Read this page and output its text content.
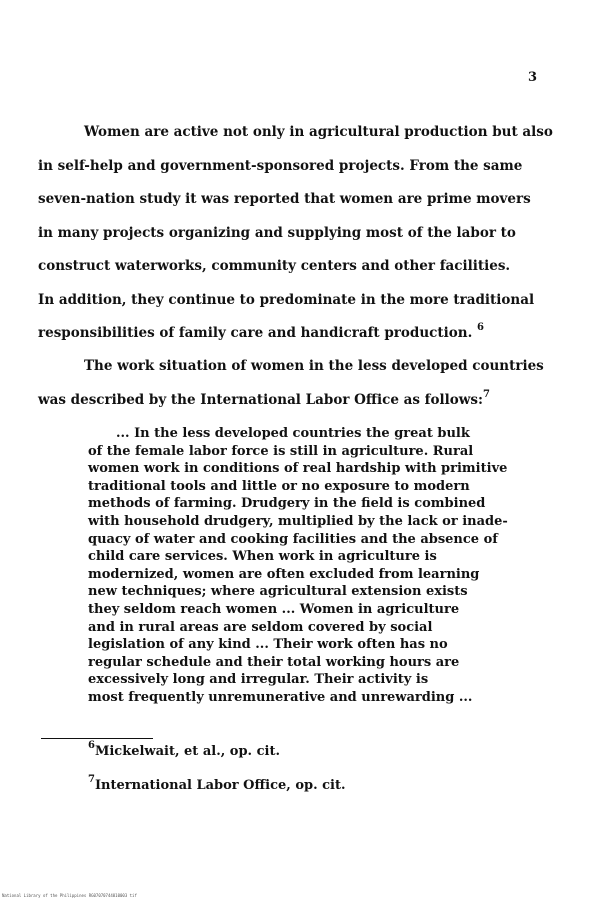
3

Women are active not only in agricultural production but also
in self-help and government-sponsored projects. From the same
seven-nation study it was reported that women are prime movers
in many projects organizing and supplying most of the labor to
construct waterworks, community centers and other facilities.
In addition, they continue to predominate in the more traditional
responsibilities of family care and handicraft production. $^6$

The work situation of women in the less developed countries
was described by the International Labor Office as follows:$^7$

... In the less developed countries the great bulk
of the female labor force is still in agriculture. Rural
women work in conditions of real hardship with primitive
traditional tools and little or no exposure to modern
methods of farming. Drudgery in the field is combined
with household drudgery, multiplied by the lack or inade-
quacy of water and cooking facilities and the absence of
child care services. When work in agriculture is
modernized, women are often excluded from learning
new techniques; where agricultural extension exists
they seldom reach women ... Women in agriculture
and in rural areas are seldom covered by social
legislation of any kind ... Their work often has no
regular schedule and their total working hours are
excessively long and irregular. Their activity is
most frequently unremunerative and unrewarding ...
$^6$Mickelwait, et al., op. cit.
$^7$International Labor Office, op. cit.
National Library of the Philippines RG07070744010003 tif
